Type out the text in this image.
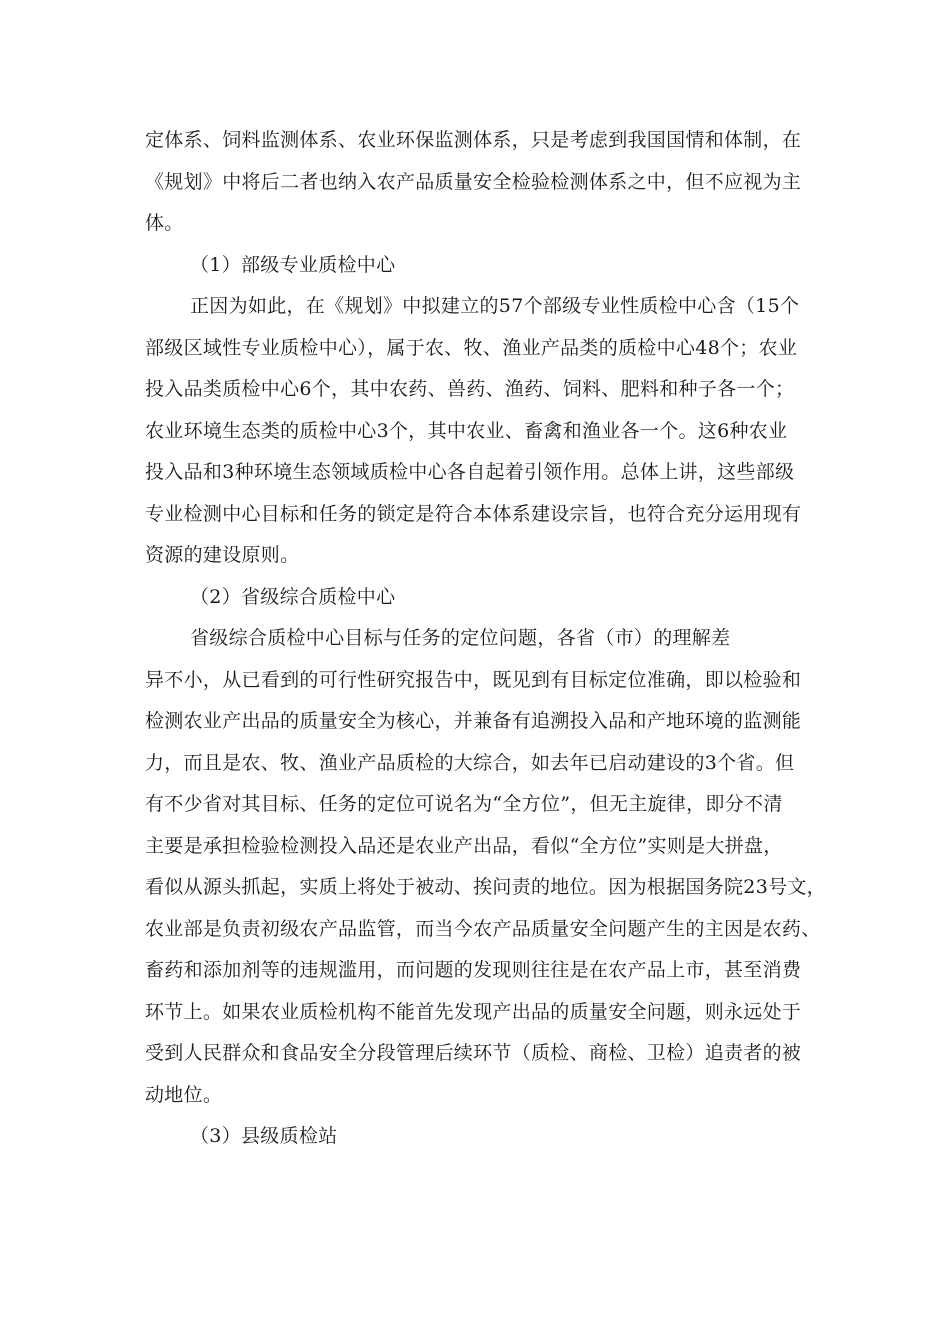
定体系、饲料监测体系、农业环保监测体系，只是考虑到我国国情和体制，在
《规划》中将后二者也纳入农产品质量安全检验检测体系之中，但不应视为主
体。
（1）部级专业质检中心
正因为如此，在《规划》中拟建立的57个部级专业性质检中心含（15个
部级区域性专业质检中心），属于农、牧、渔业产品类的质检中心48个；农业
投入品类质检中心6个，其中农药、兽药、渔药、饲料、肥料和种子各一个；
农业环境生态类的质检中心3个，其中农业、畜禽和渔业各一个。这6种农业
投入品和3种环境生态领域质检中心各自起着引领作用。总体上讲，这些部级
专业检测中心目标和任务的锁定是符合本体系建设宗旨，也符合充分运用现有
资源的建设原则。
（2）省级综合质检中心
省级综合质检中心目标与任务的定位问题，各省（市）的理解差
异不小，从已看到的可行性研究报告中，既见到有目标定位准确，即以检验和
检测农业产出品的质量安全为核心，并兼备有追溯投入品和产地环境的监测能
力，而且是农、牧、渔业产品质检的大综合，如去年已启动建设的3个省。但
有不少省对其目标、任务的定位可说名为“全方位”，但无主旋律，即分不清
主要是承担检验检测投入品还是农业产出品，看似“全方位”实则是大拼盘，
看似从源头抓起，实质上将处于被动、挨问责的地位。因为根据国务院23号文，
农业部是负责初级农产品监管，而当今农产品质量安全问题产生的主因是农药、
畜药和添加剂等的违规滥用，而问题的发现则往往是在农产品上市，甚至消费
环节上。如果农业质检机构不能首先发现产出品的质量安全问题，则永远处于
受到人民群众和食品安全分段管理后续环节（质检、商检、卫检）追责者的被
动地位。
（3）县级质检站
